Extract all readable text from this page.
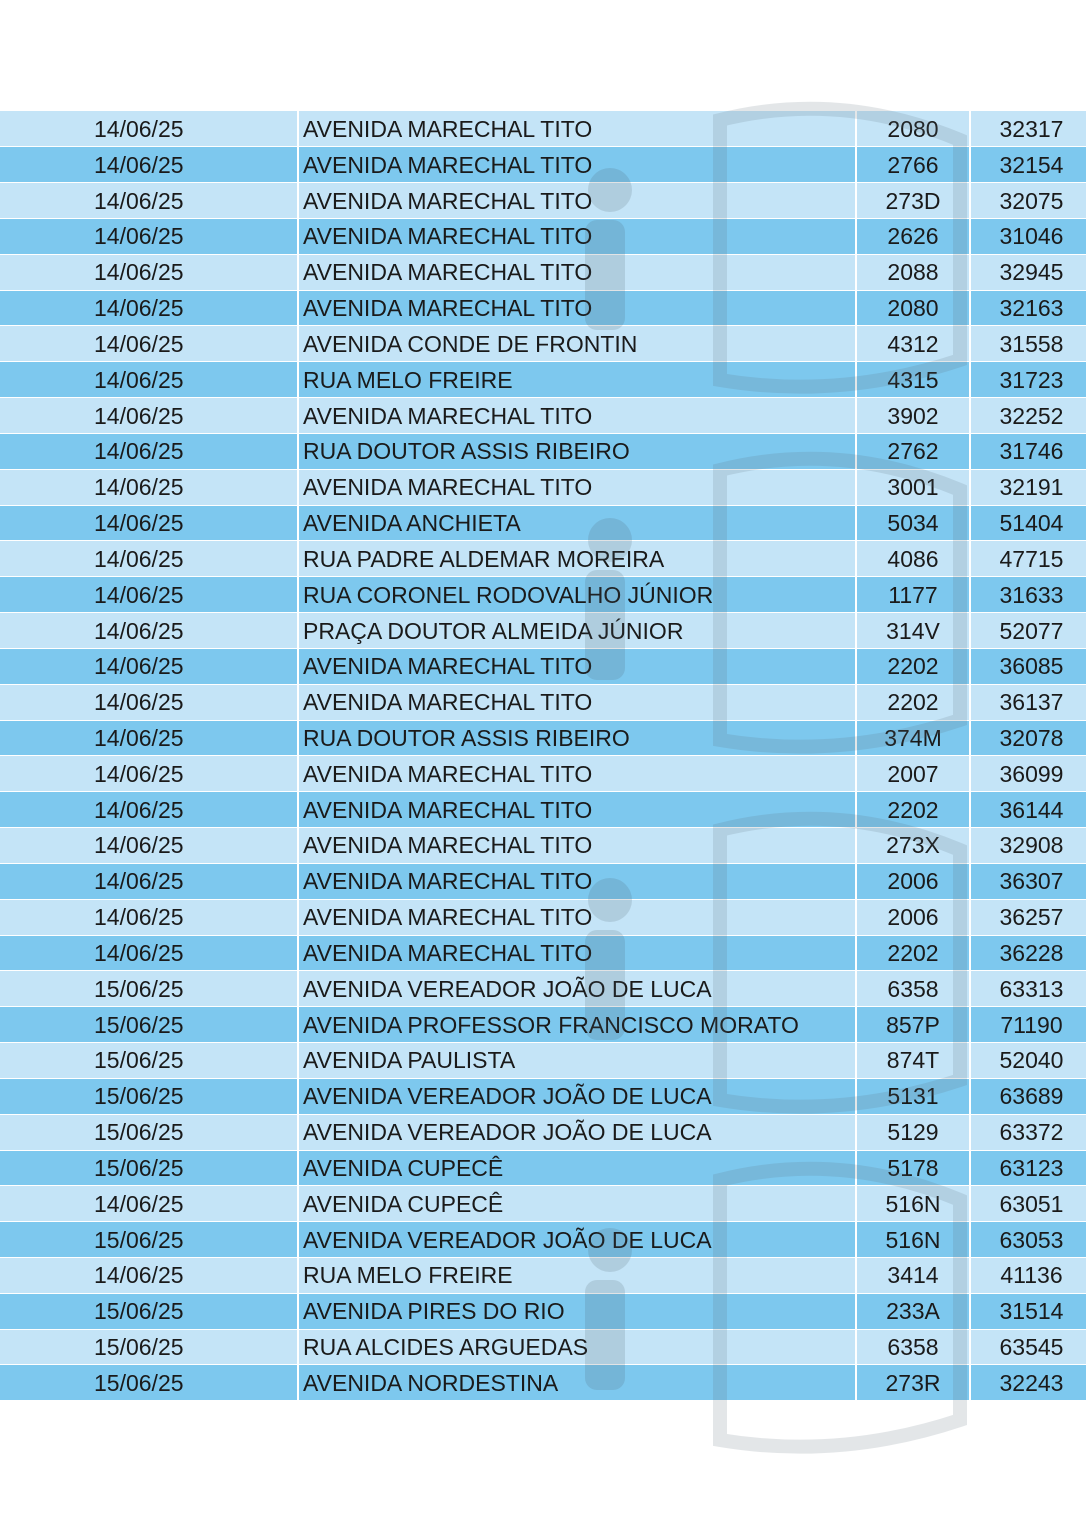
14/06/25	AVENIDA MARECHAL TITO	2080	32317
14/06/25	AVENIDA MARECHAL TITO	2766	32154
14/06/25	AVENIDA MARECHAL TITO	273D	32075
14/06/25	AVENIDA MARECHAL TITO	2626	31046
14/06/25	AVENIDA MARECHAL TITO	2088	32945
14/06/25	AVENIDA MARECHAL TITO	2080	32163
14/06/25	AVENIDA CONDE DE FRONTIN	4312	31558
14/06/25	RUA MELO FREIRE	4315	31723
14/06/25	AVENIDA MARECHAL TITO	3902	32252
14/06/25	RUA DOUTOR ASSIS RIBEIRO	2762	31746
14/06/25	AVENIDA MARECHAL TITO	3001	32191
14/06/25	AVENIDA ANCHIETA	5034	51404
14/06/25	RUA PADRE ALDEMAR MOREIRA	4086	47715
14/06/25	RUA CORONEL RODOVALHO JÚNIOR	1177	31633
14/06/25	PRAÇA DOUTOR ALMEIDA JÚNIOR	314V	52077
14/06/25	AVENIDA MARECHAL TITO	2202	36085
14/06/25	AVENIDA MARECHAL TITO	2202	36137
14/06/25	RUA DOUTOR ASSIS RIBEIRO	374M	32078
14/06/25	AVENIDA MARECHAL TITO	2007	36099
14/06/25	AVENIDA MARECHAL TITO	2202	36144
14/06/25	AVENIDA MARECHAL TITO	273X	32908
14/06/25	AVENIDA MARECHAL TITO	2006	36307
14/06/25	AVENIDA MARECHAL TITO	2006	36257
14/06/25	AVENIDA MARECHAL TITO	2202	36228
15/06/25	AVENIDA VEREADOR JOÃO DE LUCA	6358	63313
15/06/25	AVENIDA PROFESSOR FRANCISCO MORATO	857P	71190
15/06/25	AVENIDA PAULISTA	874T	52040
15/06/25	AVENIDA VEREADOR JOÃO DE LUCA	5131	63689
15/06/25	AVENIDA VEREADOR JOÃO DE LUCA	5129	63372
15/06/25	AVENIDA CUPECÊ	5178	63123
14/06/25	AVENIDA CUPECÊ	516N	63051
15/06/25	AVENIDA VEREADOR JOÃO DE LUCA	516N	63053
14/06/25	RUA MELO FREIRE	3414	41136
15/06/25	AVENIDA PIRES DO RIO	233A	31514
15/06/25	RUA ALCIDES ARGUEDAS	6358	63545
15/06/25	AVENIDA NORDESTINA	273R	32243
